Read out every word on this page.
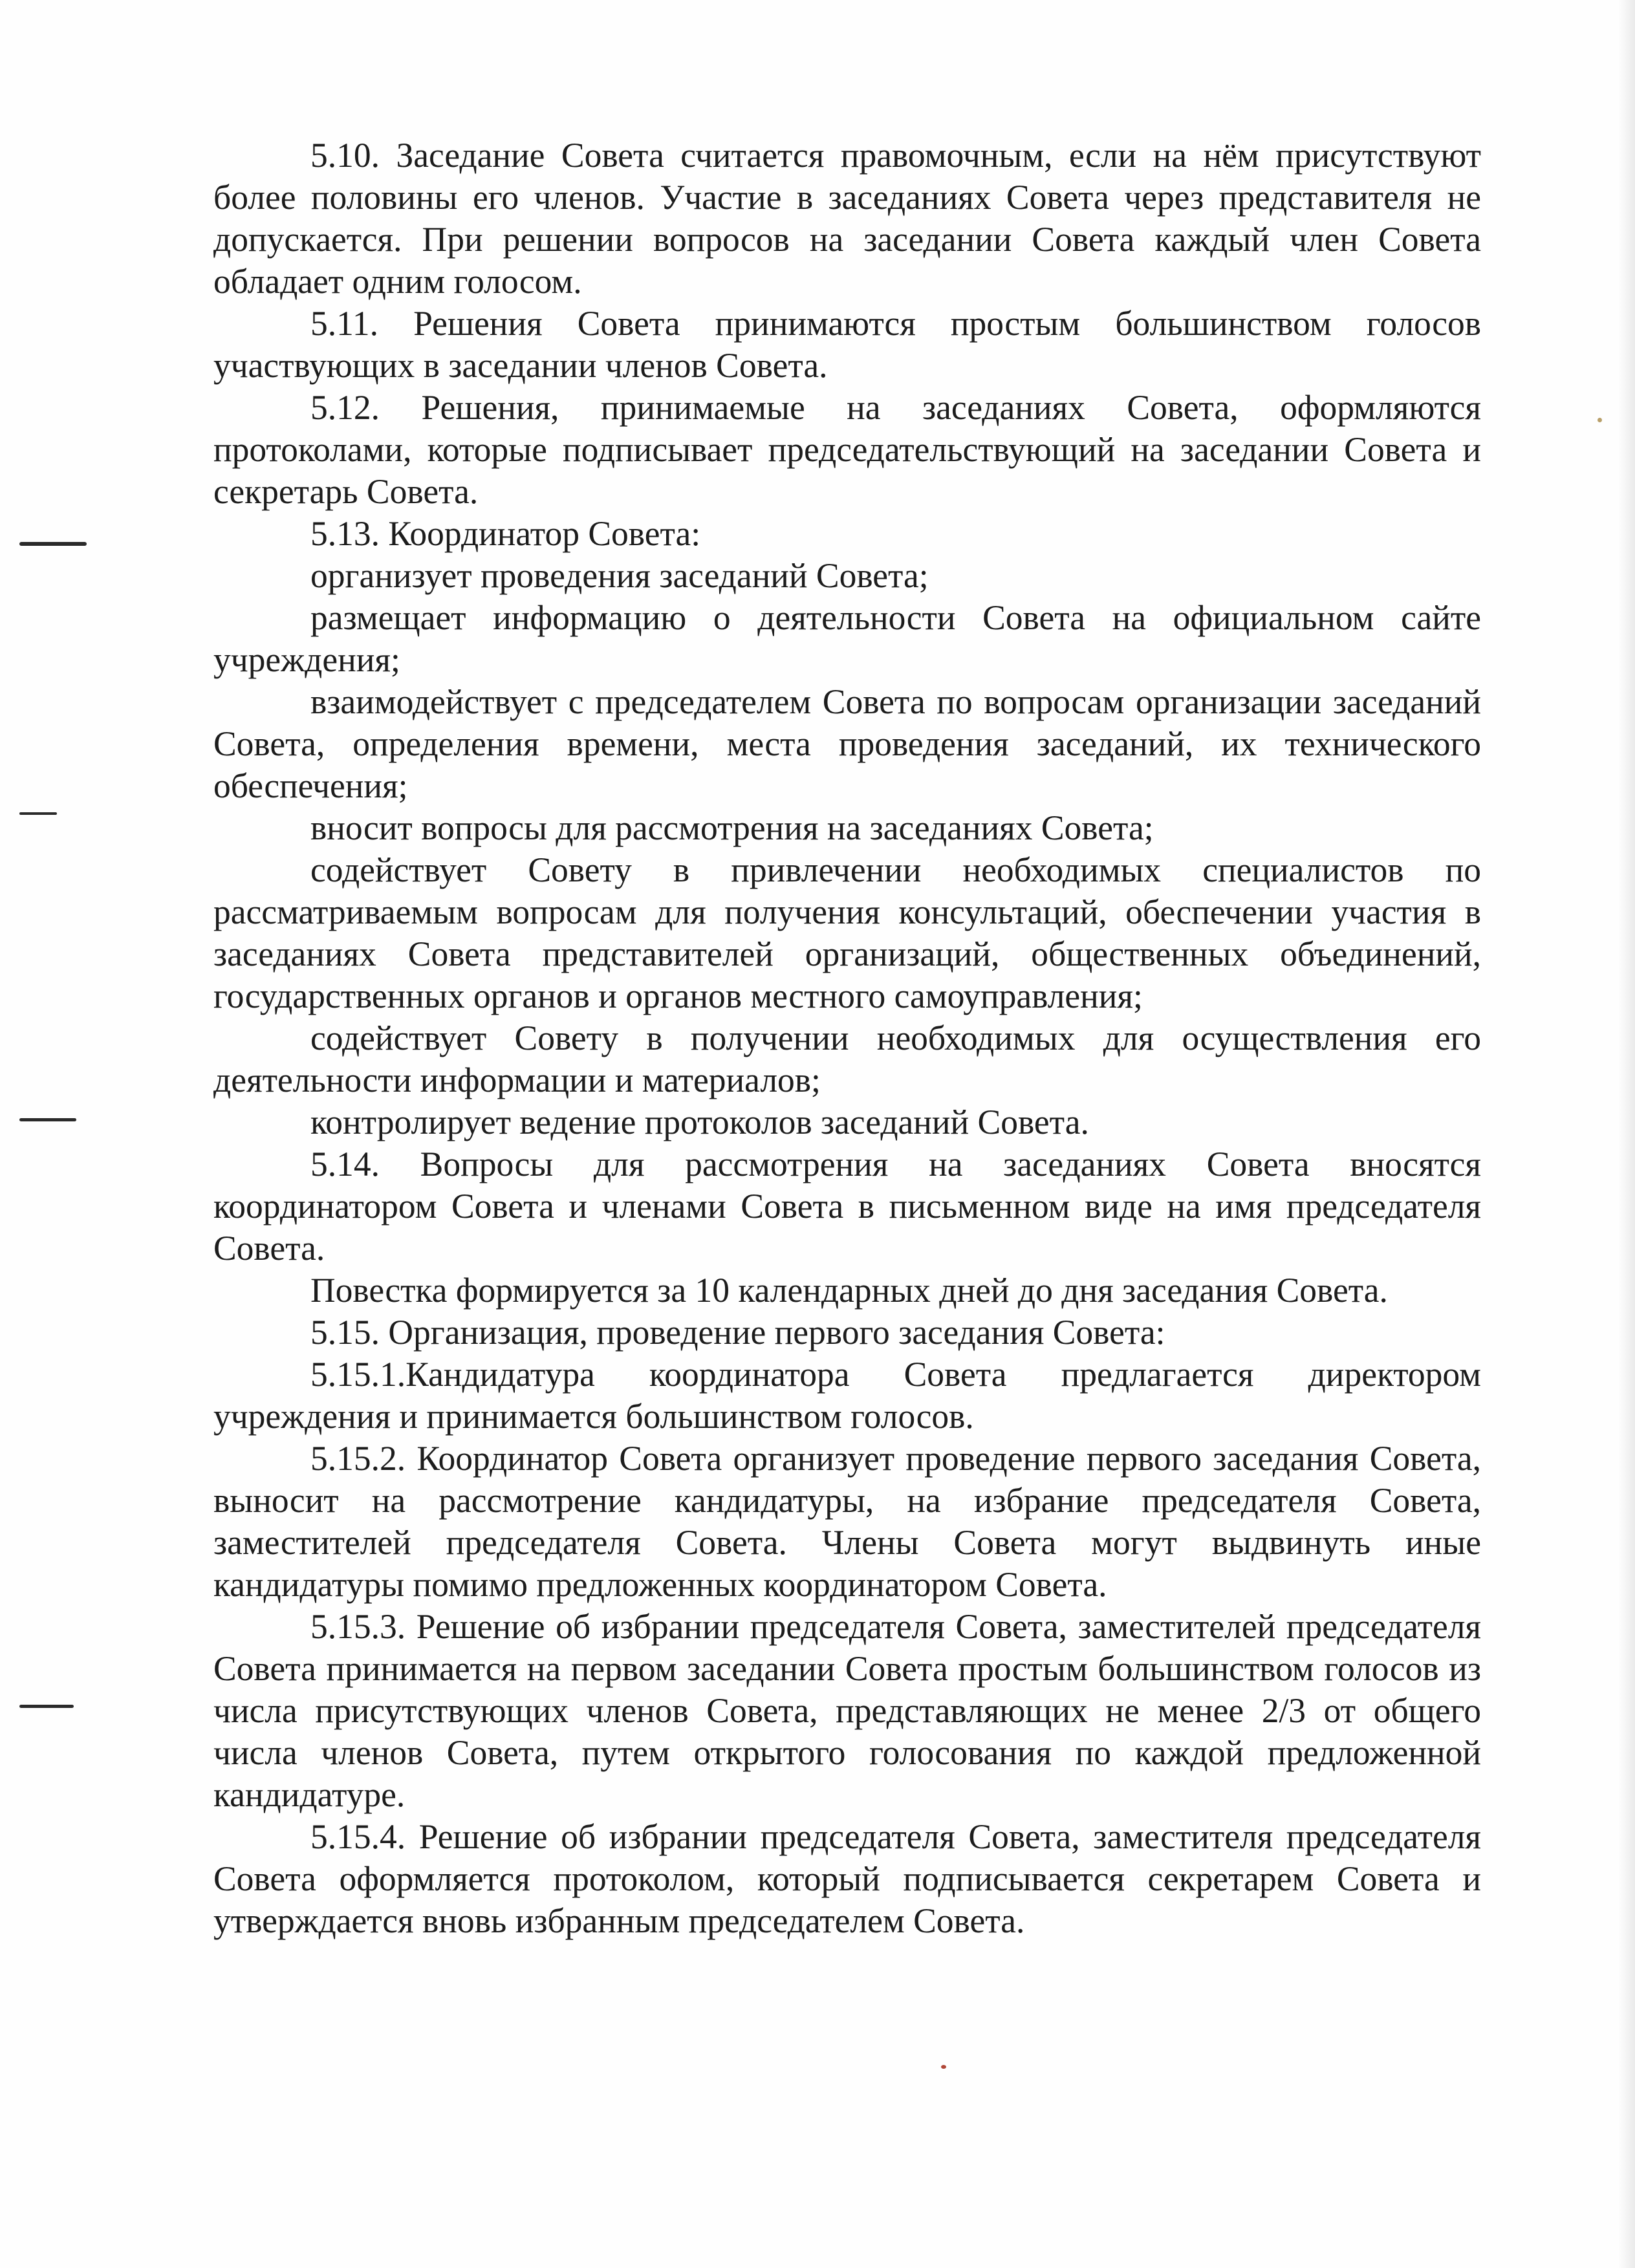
5.10. Заседание Совета считается правомочным, если на нём присутствуют более половины его членов. Участие в заседаниях Совета через представителя не допускается. При решении вопросов на заседании Совета каждый член Совета обладает одним голосом.

5.11. Решения Совета принимаются простым большинством голосов участвующих в заседании членов Совета.

5.12. Решения, принимаемые на заседаниях Совета, оформляются протоколами, которые подписывает председательствующий на заседании Совета и секретарь Совета.

5.13. Координатор Совета:

организует проведения заседаний Совета;

размещает информацию о деятельности Совета на официальном сайте учреждения;

взаимодействует с председателем Совета по вопросам организации заседаний Совета, определения времени, места проведения заседаний, их технического обеспечения;

вносит вопросы для рассмотрения на заседаниях Совета;

содействует Совету в привлечении необходимых специалистов по рассматриваемым вопросам для получения консультаций, обеспечении участия в заседаниях Совета представителей организаций, общественных объединений, государственных органов и органов местного самоуправления;

содействует Совету в получении необходимых для осуществления его деятельности информации и материалов;

контролирует ведение протоколов заседаний Совета.

5.14. Вопросы для рассмотрения на заседаниях Совета вносятся координатором Совета и членами Совета в письменном виде на имя председателя Совета.

Повестка формируется за 10 календарных дней до дня заседания Совета.

5.15. Организация, проведение первого заседания Совета:

5.15.1.Кандидатура координатора Совета предлагается директором учреждения и принимается большинством голосов.

5.15.2. Координатор Совета организует проведение первого заседания Совета, выносит на рассмотрение кандидатуры, на избрание председателя Совета, заместителей председателя Совета. Члены Совета могут выдвинуть иные кандидатуры помимо предложенных координатором Совета.

5.15.3. Решение об избрании председателя Совета, заместителей председателя Совета принимается на первом заседании Совета простым большинством голосов из числа присутствующих членов Совета, представляющих не менее 2/3 от общего числа членов Совета, путем открытого голосования по каждой предложенной кандидатуре.

5.15.4. Решение об избрании председателя Совета, заместителя председателя Совета оформляется протоколом, который подписывается секретарем Совета и утверждается вновь избранным председателем Совета.
